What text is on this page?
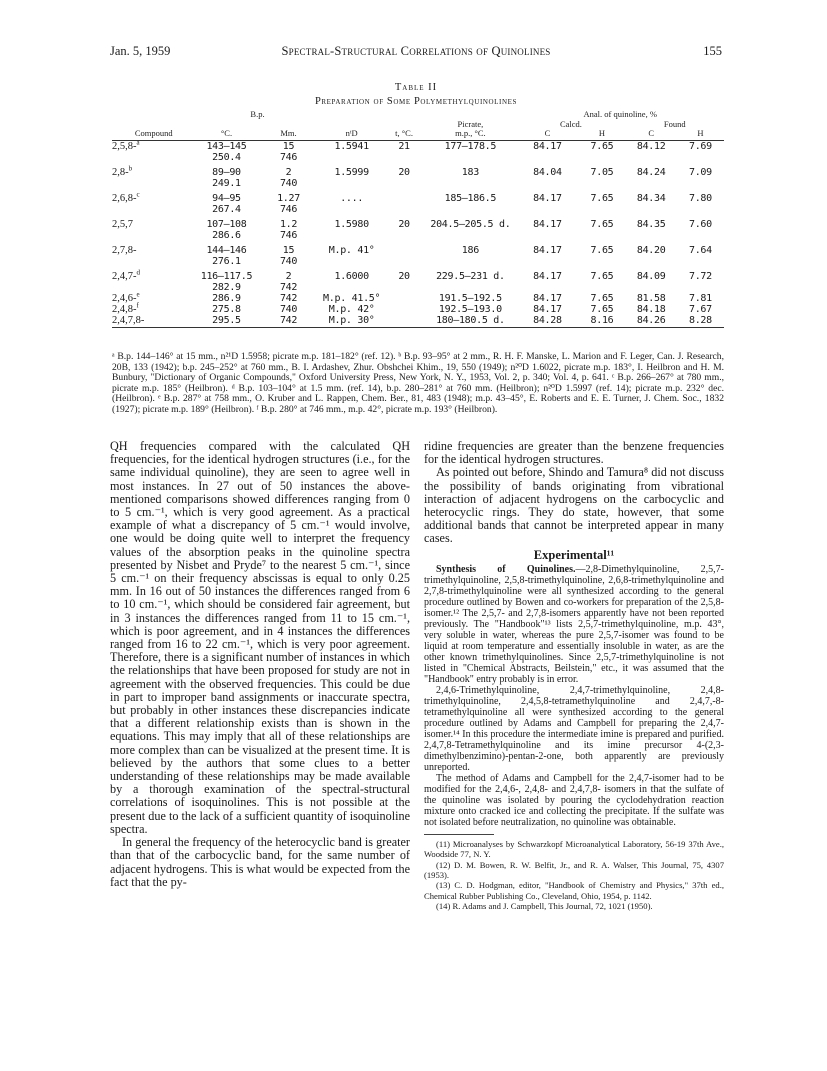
Jan. 5, 1959	Spectral-Structural Correlations of Quinolines	155
Table II
Preparation of Some Polymethylquinolines
	B.p.					Anal. of quinoline, %			
					Picrate,	Calcd.		Found	
Compound	°C.	Mm.	nᵗD	t, °C.	m.p., °C.	C	H	C	H
2,5,8-$^a$	143–145	15	1.5941	21	177–178.5	84.17	7.65	84.12	7.69
	250.4	746							
2,8-$^b$	89–90	2	1.5999	20	183	84.04	7.05	84.24	7.09
	249.1	740							
2,6,8-$^c$	94–95	1.27	....		185–186.5	84.17	7.65	84.34	7.80
	267.4	746							
2,5,7	107–108	1.2	1.5980	20	204.5–205.5 d.	84.17	7.65	84.35	7.60
	286.6	746							
2,7,8-	144–146	15	M.p. 41°		186	84.17	7.65	84.20	7.64
	276.1	740							
2,4,7-$^d$	116–117.5	2	1.6000	20	229.5–231 d.	84.17	7.65	84.09	7.72
	282.9	742							
2,4,6-$^e$	286.9	742	M.p. 41.5°		191.5–192.5	84.17	7.65	81.58	7.81
2,4,8-$^f$	275.8	740	M.p. 42°		192.5–193.0	84.17	7.65	84.18	7.67
2,4,7,8-	295.5	742	M.p. 30°		180–180.5 d.	84.28	8.16	84.26	8.28
ᵃ B.p. 144–146° at 15 mm., n²¹D 1.5958; picrate m.p. 181–182° (ref. 12). ᵇ B.p. 93–95° at 2 mm., R. H. F. Manske, L. Marion and F. Leger, Can. J. Research, 20B, 133 (1942); b.p. 245–252° at 760 mm., B. I. Ardashev, Zhur. Obshchei Khim., 19, 550 (1949); n²⁰D 1.6022, picrate m.p. 183°, I. Heilbron and H. M. Bunbury, "Dictionary of Organic Compounds," Oxford University Press, New York, N. Y., 1953, Vol. 2, p. 340; Vol. 4, p. 641. ᶜ B.p. 266–267° at 780 mm., picrate m.p. 185° (Heilbron). ᵈ B.p. 103–104° at 1.5 mm. (ref. 14), b.p. 280–281° at 760 mm. (Heilbron); n²⁰D 1.5997 (ref. 14); picrate m.p. 232° dec. (Heilbron). ᵉ B.p. 287° at 758 mm., O. Kruber and L. Rappen, Chem. Ber., 81, 483 (1948); m.p. 43–45°, E. Roberts and E. E. Turner, J. Chem. Soc., 1832 (1927); picrate m.p. 189° (Heilbron). ᶠ B.p. 280° at 746 mm., m.p. 42°, picrate m.p. 193° (Heilbron).

QH frequencies compared with the calculated QH frequencies, for the identical hydrogen structures (i.e., for the same individual quinoline), they are seen to agree well in most instances. In 27 out of 50 instances the above-mentioned comparisons showed differences ranging from 0 to 5 cm.⁻¹, which is very good agreement. As a practical example of what a discrepancy of 5 cm.⁻¹ would involve, one would be doing quite well to interpret the frequency values of the absorption peaks in the quinoline spectra presented by Nisbet and Pryde⁷ to the nearest 5 cm.⁻¹, since 5 cm.⁻¹ on their frequency abscissas is equal to only 0.25 mm. In 16 out of 50 instances the differences ranged from 6 to 10 cm.⁻¹, which should be considered fair agreement, but in 3 instances the differences ranged from 11 to 15 cm.⁻¹, which is poor agreement, and in 4 instances the differences ranged from 16 to 22 cm.⁻¹, which is very poor agreement. Therefore, there is a significant number of instances in which the relationships that have been proposed for study are not in agreement with the observed frequencies. This could be due in part to improper band assignments or inaccurate spectra, but probably in other instances these discrepancies indicate that a different relationship exists than is shown in the equations. This may imply that all of these relationships are more complex than can be visualized at the present time. It is believed by the authors that some clues to a better understanding of these relationships may be made available by a thorough examination of the spectral-structural correlations of isoquinolines. This is not possible at the present due to the lack of a sufficient quantity of isoquinoline spectra.

In general the frequency of the heterocyclic band is greater than that of the carbocyclic band, for the same number of adjacent hydrogens. This is what would be expected from the fact that the py-

ridine frequencies are greater than the benzene frequencies for the identical hydrogen structures.

As pointed out before, Shindo and Tamura⁸ did not discuss the possibility of bands originating from vibrational interaction of adjacent hydrogens on the carbocyclic and heterocyclic rings. They do state, however, that some additional bands that cannot be interpreted appear in many cases.

Experimental¹¹

Synthesis of Quinolines.—2,8-Dimethylquinoline, 2,5,7-trimethylquinoline, 2,5,8-trimethylquinoline, 2,6,8-trimethylquinoline and 2,7,8-trimethylquinoline were all synthesized according to the general procedure outlined by Bowen and co-workers for preparation of the 2,5,8-isomer.¹² The 2,5,7- and 2,7,8-isomers apparently have not been reported previously. The "Handbook"¹³ lists 2,5,7-trimethylquinoline, m.p. 43°, very soluble in water, whereas the pure 2,5,7-isomer was found to be liquid at room temperature and essentially insoluble in water, as are the other known trimethylquinolines. Since 2,5,7-trimethylquinoline is not listed in "Chemical Abstracts, Beilstein," etc., it was assumed that the "Handbook" entry probably is in error.

2,4,6-Trimethylquinoline, 2,4,7-trimethylquinoline, 2,4,8-trimethylquinoline, 2,4,5,8-tetramethylquinoline and 2,4,7,-8-tetramethylquinoline all were synthesized according to the general procedure outlined by Adams and Campbell for preparing the 2,4,7-isomer.¹⁴ In this procedure the intermediate imine is prepared and purified. 2,4,7,8-Tetramethylquinoline and its imine precursor 4-(2,3-dimethylbenzimino)-pentan-2-one, both apparently are previously unreported.

The method of Adams and Campbell for the 2,4,7-isomer had to be modified for the 2,4,6-, 2,4,8- and 2,4,7,8- isomers in that the sulfate of the quinoline was isolated by pouring the cyclodehydration reaction mixture onto cracked ice and collecting the precipitate. If the sulfate was not isolated before neutralization, no quinoline was obtainable.

(11) Microanalyses by Schwarzkopf Microanalytical Laboratory, 56-19 37th Ave., Woodside 77, N. Y.

(12) D. M. Bowen, R. W. Belfit, Jr., and R. A. Walser, This Journal, 75, 4307 (1953).

(13) C. D. Hodgman, editor, "Handbook of Chemistry and Physics," 37th ed., Chemical Rubber Publishing Co., Cleveland, Ohio, 1954, p. 1142.

(14) R. Adams and J. Campbell, This Journal, 72, 1021 (1950).
